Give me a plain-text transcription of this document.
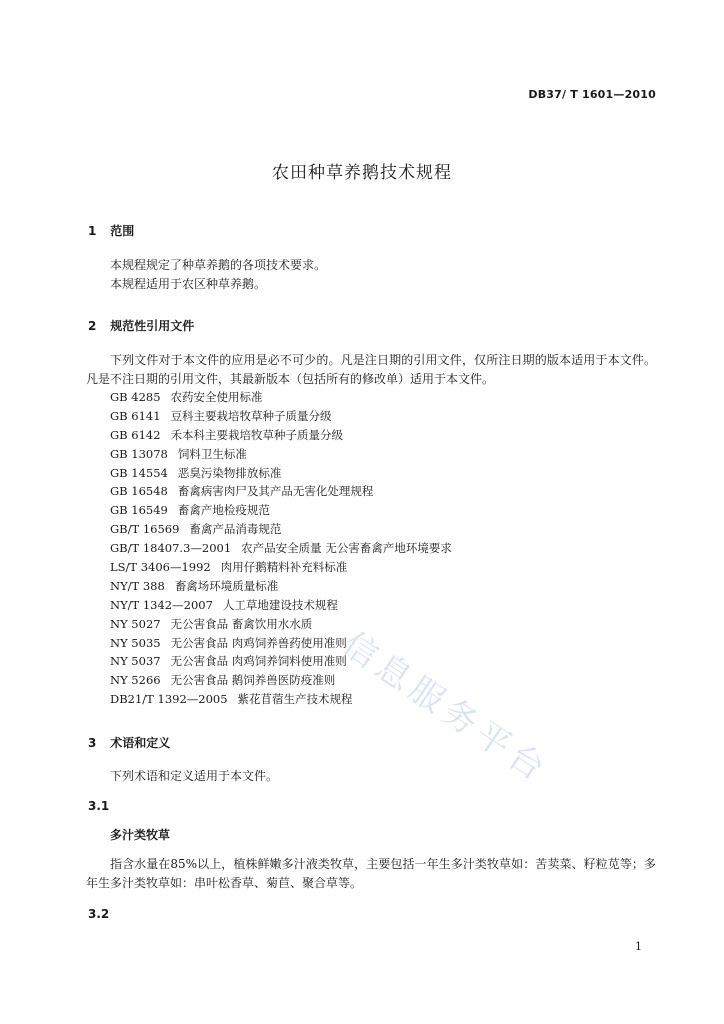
DB37/ T 1601—2010
农田种草养鹅技术规程
1 范围
本规程规定了种草养鹅的各项技术要求。
本规程适用于农区种草养鹅。
2 规范性引用文件
下列文件对于本文件的应用是必不可少的。凡是注日期的引用文件，仅所注日期的版本适用于本文件。凡是不注日期的引用文件，其最新版本（包括所有的修改单）适用于本文件。
GB 4285 农药安全使用标准
GB 6141 豆科主要栽培牧草种子质量分级
GB 6142 禾本科主要栽培牧草种子质量分级
GB 13078 饲料卫生标准
GB 14554 恶臭污染物排放标准
GB 16548 畜禽病害肉尸及其产品无害化处理规程
GB 16549 畜禽产地检疫规范
GB/T 16569 畜禽产品消毒规范
GB/T 18407.3—2001 农产品安全质量 无公害畜禽产地环境要求
LS/T 3406—1992 肉用仔鹅精料补充料标准
NY/T 388 畜禽场环境质量标准
NY/T 1342—2007 人工草地建设技术规程
NY 5027 无公害食品 畜禽饮用水水质
NY 5035 无公害食品 肉鸡饲养兽药使用准则
NY 5037 无公害食品 肉鸡饲养饲料使用准则
NY 5266 无公害食品 鹅饲养兽医防疫准则
DB21/T 1392—2005 紫花苜蓿生产技术规程
3 术语和定义
下列术语和定义适用于本文件。
3.1
多汁类牧草
指含水量在85%以上，植株鲜嫩多汁液类牧草，主要包括一年生多汁类牧草如：苦荬菜、籽粒苋等；多年生多汁类牧草如：串叶松香草、菊苣、聚合草等。
3.2
1
信息服务平台
